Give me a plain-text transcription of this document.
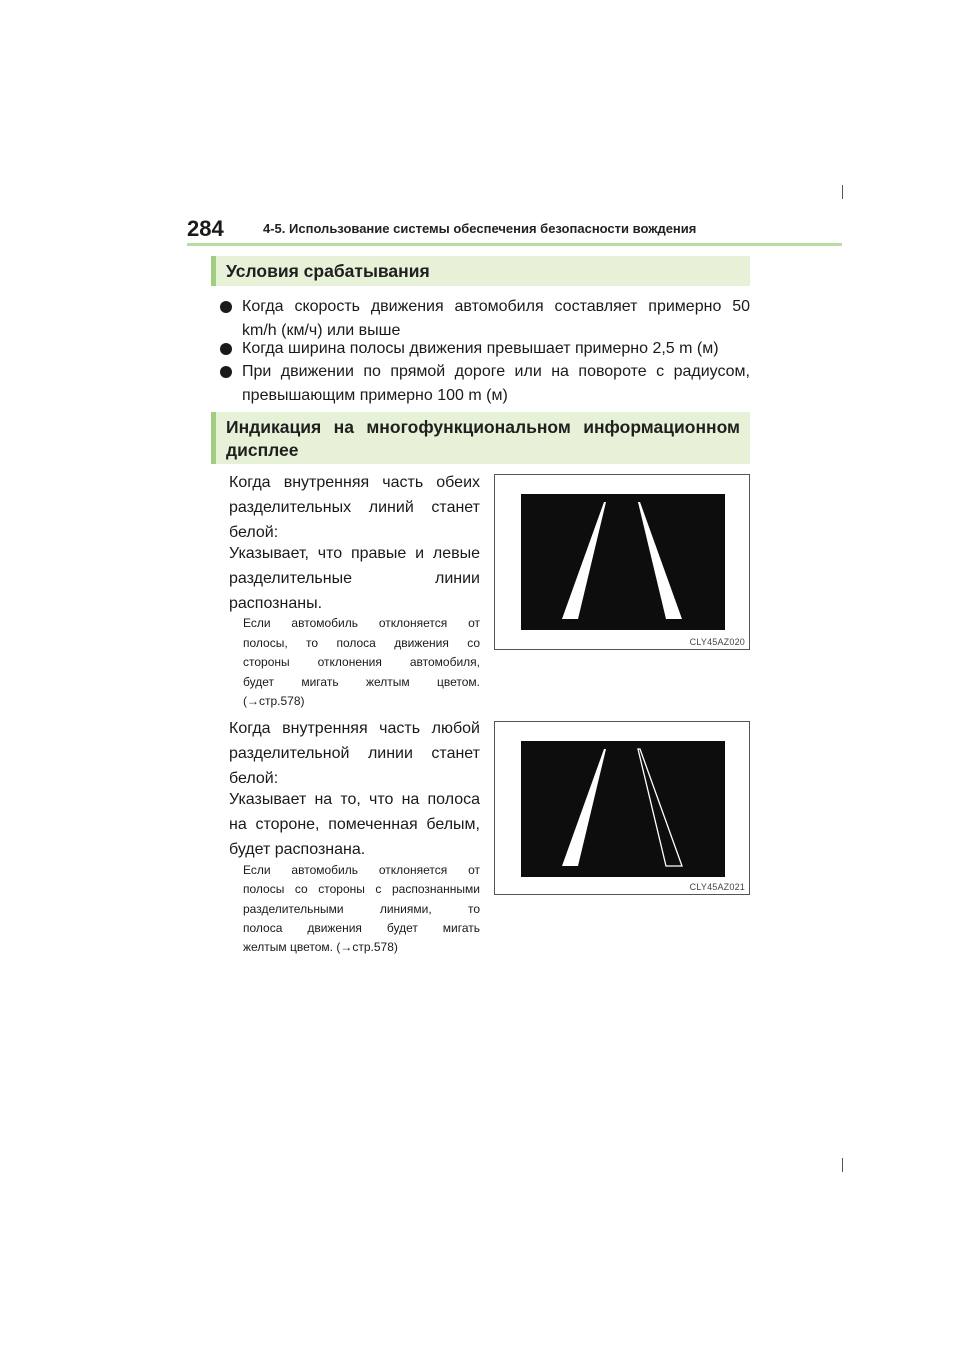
284	4-5. Использование системы обеспечения безопасности вождения
Условия срабатывания
Когда скорость движения автомобиля составляет примерно 50 km/h (км/ч) или выше
Когда ширина полосы движения превышает примерно 2,5 m (м)
При движении по прямой дороге или на повороте с радиусом, превышающим примерно 100 m (м)
Индикация на многофункциональном информационном дисплее
Когда внутренняя часть обеих разделительных линий станет белой:
Указывает, что правые и левые разделительные линии распознаны.
Если автомобиль отклоняется от
полосы, то полоса движения со
стороны отклонения автомобиля,
будет мигать желтым цветом.
(→стр.578)
CLY45AZ020
Когда внутренняя часть любой разделительной линии станет белой:
Указывает на то, что на полоса на стороне, помеченная белым, будет распознана.
Если автомобиль отклоняется от
полосы со стороны с распознанными
разделительными линиями, то
полоса движения будет мигать
желтым цветом. (→стр.578)
CLY45AZ021
